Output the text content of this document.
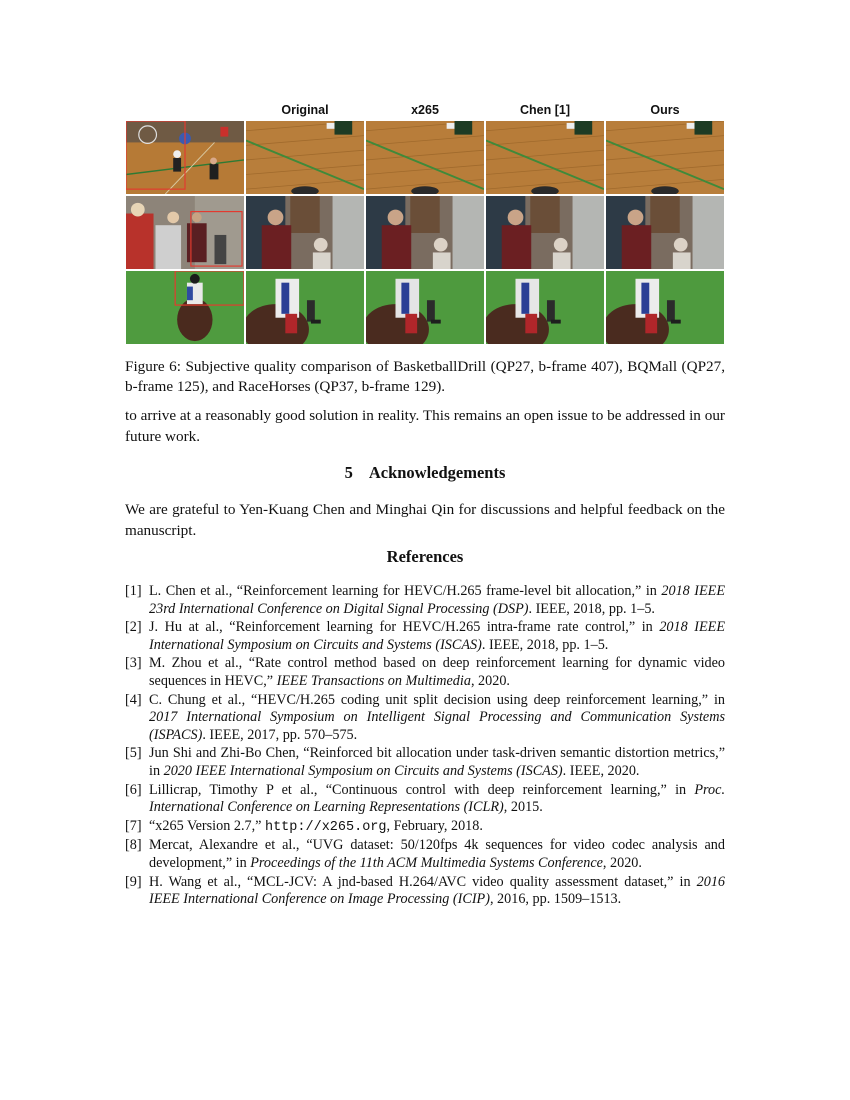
Original	x265	Chen [1]	Ours
Figure 6: Subjective quality comparison of BasketballDrill (QP27, b-frame 407), BQMall (QP27, b-frame 125), and RaceHorses (QP37, b-frame 129).
to arrive at a reasonably good solution in reality. This remains an open issue to be addressed in our future work.
5 Acknowledgements
We are grateful to Yen-Kuang Chen and Minghai Qin for discussions and helpful feedback on the manuscript.
References
[1] L. Chen et al., “Reinforcement learning for HEVC/H.265 frame-level bit allocation,” in 2018 IEEE 23rd International Conference on Digital Signal Processing (DSP). IEEE, 2018, pp. 1–5.
[2] J. Hu at al., “Reinforcement learning for HEVC/H.265 intra-frame rate control,” in 2018 IEEE International Symposium on Circuits and Systems (ISCAS). IEEE, 2018, pp. 1–5.
[3] M. Zhou et al., “Rate control method based on deep reinforcement learning for dynamic video sequences in HEVC,” IEEE Transactions on Multimedia, 2020.
[4] C. Chung et al., “HEVC/H.265 coding unit split decision using deep reinforcement learning,” in 2017 International Symposium on Intelligent Signal Processing and Communication Systems (ISPACS). IEEE, 2017, pp. 570–575.
[5] Jun Shi and Zhi-Bo Chen, “Reinforced bit allocation under task-driven semantic distortion metrics,” in 2020 IEEE International Symposium on Circuits and Systems (ISCAS). IEEE, 2020.
[6] Lillicrap, Timothy P et al., “Continuous control with deep reinforcement learning,” in Proc. International Conference on Learning Representations (ICLR), 2015.
[7] “x265 Version 2.7,” http://x265.org, February, 2018.
[8] Mercat, Alexandre et al., “UVG dataset: 50/120fps 4k sequences for video codec analysis and development,” in Proceedings of the 11th ACM Multimedia Systems Conference, 2020.
[9] H. Wang et al., “MCL-JCV: A jnd-based H.264/AVC video quality assessment dataset,” in 2016 IEEE International Conference on Image Processing (ICIP), 2016, pp. 1509–1513.
